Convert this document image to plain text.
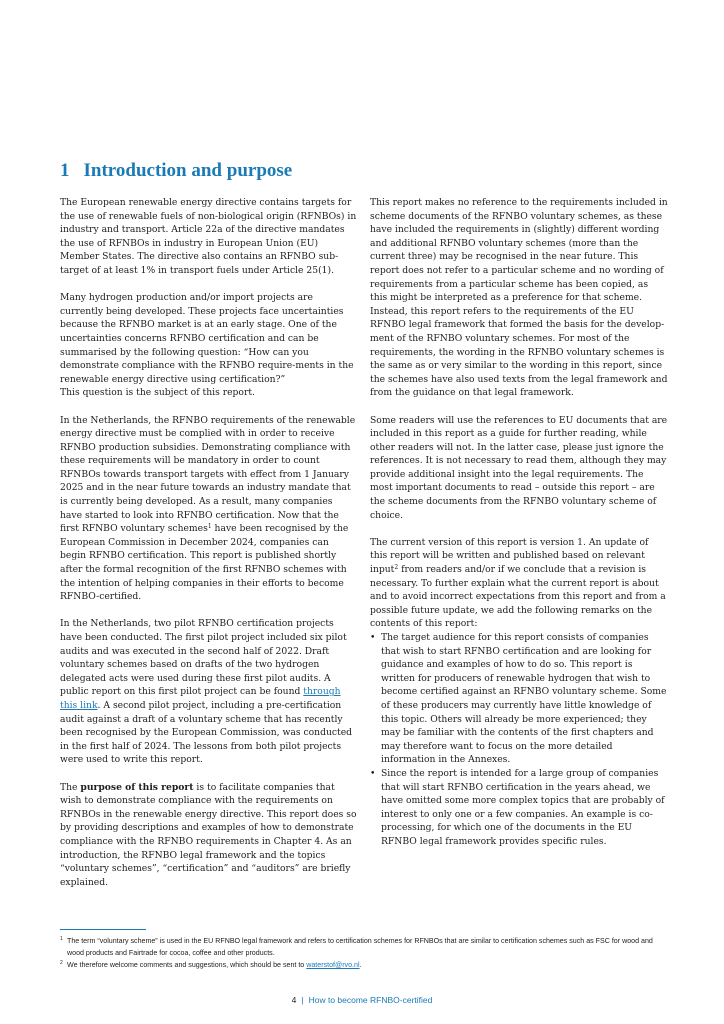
1 Introduction and purpose

The European renewable energy directive contains targets for the use of renewable fuels of non-biological origin (RFNBOs) in industry and transport. Article 22a of the directive mandates the use of RFNBOs in industry in European Union (EU) Member States. The directive also contains an RFNBO sub-target of at least 1% in transport fuels under Article 25(1).

Many hydrogen production and/or import projects are currently being developed. These projects face uncertainties because the RFNBO market is at an early stage. One of the uncertainties concerns RFNBO certification and can be summarised by the following question: “How can you demonstrate compliance with the RFNBO require-ments in the renewable energy directive using certification?”

This question is the subject of this report.

In the Netherlands, the RFNBO requirements of the renewable energy directive must be complied with in order to receive RFNBO production subsidies. Demonstrating compliance with these requirements will be mandatory in order to count RFNBOs towards transport targets with effect from 1 January 2025 and in the near future towards an industry mandate that is currently being developed. As a result, many companies have started to look into RFNBO certification. Now that the first RFNBO voluntary schemes$^1$ have been recognised by the European Commission in December 2024, companies can begin RFNBO certification. This report is published shortly after the formal recognition of the first RFNBO schemes with the intention of helping companies in their efforts to become RFNBO-certified.

In the Netherlands, two pilot RFNBO certification projects have been conducted. The first pilot project included six pilot audits and was executed in the second half of 2022. Draft voluntary schemes based on drafts of the two hydrogen delegated acts were used during these first pilot audits. A public report on this first pilot project can be found through this link. A second pilot project, including a pre-certification audit against a draft of a voluntary scheme that has recently been recognised by the European Commission, was conducted in the first half of 2024. The lessons from both pilot projects were used to write this report.

The purpose of this report is to facilitate companies that wish to demonstrate compliance with the requirements on RFNBOs in the renewable energy directive. This report does so by providing descriptions and examples of how to demonstrate compliance with the RFNBO requirements in Chapter 4. As an introduction, the RFNBO legal framework and the topics “voluntary schemes”, “certification” and “auditors” are briefly explained.

This report makes no reference to the requirements included in scheme documents of the RFNBO voluntary schemes, as these have included the requirements in (slightly) different wording and additional RFNBO voluntary schemes (more than the current three) may be recognised in the near future. This report does not refer to a particular scheme and no wording of requirements from a particular scheme has been copied, as this might be interpreted as a preference for that scheme. Instead, this report refers to the requirements of the EU RFNBO legal framework that formed the basis for the develop-ment of the RFNBO voluntary schemes. For most of the requirements, the wording in the RFNBO voluntary schemes is the same as or very similar to the wording in this report, since the schemes have also used texts from the legal framework and from the guidance on that legal framework.

Some readers will use the references to EU documents that are included in this report as a guide for further reading, while other readers will not. In the latter case, please just ignore the references. It is not necessary to read them, although they may provide additional insight into the legal requirements. The most important documents to read – outside this report – are the scheme documents from the RFNBO voluntary scheme of choice.

The current version of this report is version 1. An update of this report will be written and published based on relevant input$^2$ from readers and/or if we conclude that a revision is necessary. To further explain what the current report is about and to avoid incorrect expectations from this report and from a possible future update, we add the following remarks on the contents of this report:

• The target audience for this report consists of companies that wish to start RFNBO certification and are looking for guidance and examples of how to do so. This report is written for producers of renewable hydrogen that wish to become certified against an RFNBO voluntary scheme. Some of these producers may currently have little knowledge of this topic. Others will already be more experienced; they may be familiar with the contents of the first chapters and may therefore want to focus on the more detailed information in the Annexes.
• Since the report is intended for a large group of companies that will start RFNBO certification in the years ahead, we have omitted some more complex topics that are probably of interest to only one or a few companies. An example is co-processing, for which one of the documents in the EU RFNBO legal framework provides specific rules.
1 The term “voluntary scheme” is used in the EU RFNBO legal framework and refers to certification schemes for RFNBOs that are similar to certification schemes such as FSC for wood and wood products and Fairtrade for cocoa, coffee and other products.
2 We therefore welcome comments and suggestions, which should be sent to waterstof@rvo.nl.
4 | How to become RFNBO-certified
